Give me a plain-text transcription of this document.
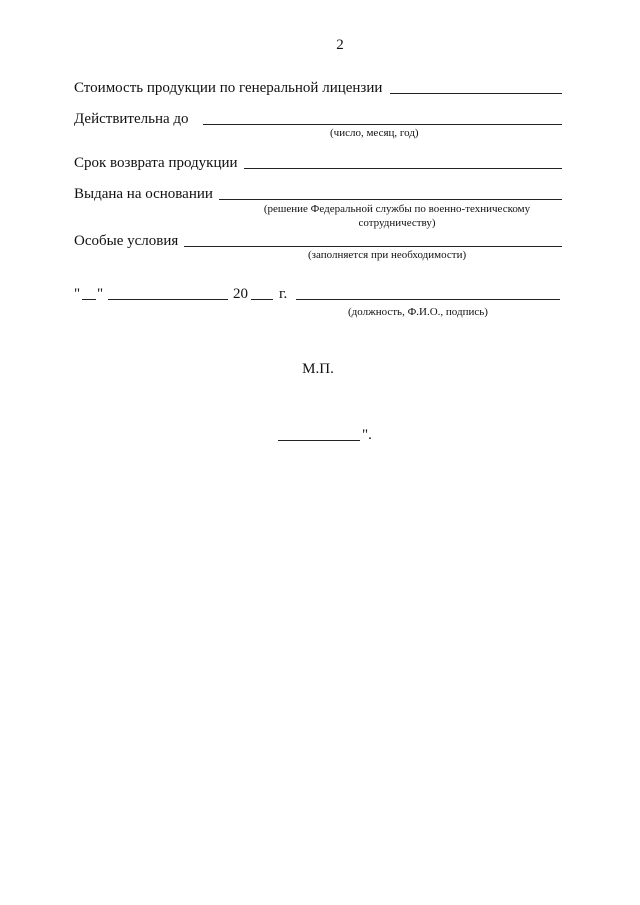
2
Стоимость продукции по генеральной лицензии
Действительна до
(число, месяц, год)
Срок возврата продукции
Выдана на основании
(решение Федеральной службы по военно-техническому
сотрудничеству)
Особые условия
(заполняется при необходимости)
" "	20 г.
(должность, Ф.И.О., подпись)
М.П.
".
